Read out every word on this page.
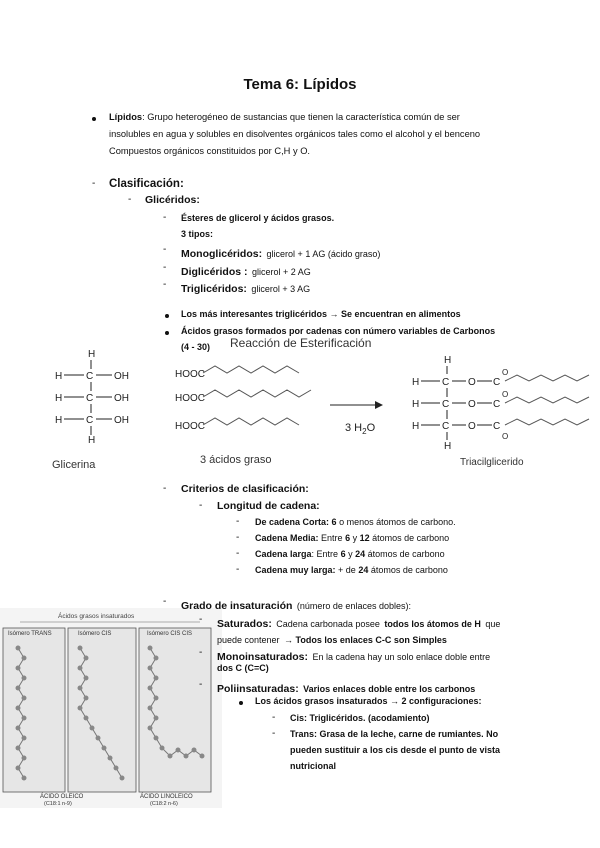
Tema 6: Lípidos
Lípidos: Grupo heterogéneo de sustancias que tienen la característica común de ser
insolubles en agua y solubles en disolventes orgánicos tales como el alcohol y el benceno
Compuestos orgánicos constituidos por C,H y O.
- Clasificación:
- Glicéridos:
- Ésteres de glicerol y ácidos grasos.
3 tipos:
- Monoglicéridos: glicerol + 1 AG (ácido graso)
- Diglicéridos : glicerol + 2 AG
- Triglicéridos: glicerol + 3 AG
Los más interesantes triglicéridos → Se encuentran en alimentos
Ácidos grasos formados por cadenas con número variables de Carbonos
(4 - 30) Reacción de Esterificación
H
H C OH
H C OH
H C OH
H
Glicerina
HOOC
HOOC
HOOC
3 ácidos graso
3 $H_2O$
H
H C O C
O
H C O C
O
H C O C
O
H
Triacilglicerido
- Criterios de clasificación:
- Longitud de cadena:
- De cadena Corta: 6 o menos átomos de carbono.
- Cadena Media: Entre 6 y 12 átomos de carbono
- Cadena larga: Entre 6 y 24 átomos de carbono
- Cadena muy larga: + de 24 átomos de carbono
Ácidos grasos insaturados
Isómero TRANS	Isómero CIS	Isómero CIS CIS
ÁCIDO OLEICO
(C18:1 n-9)
ÁCIDO LINOLEICO
(C18:2 n-6)
- Grado de insaturación (número de enlaces dobles):
- Saturados: Cadena carbonada posee todos los átomos de H que
puede contener → Todos los enlaces C-C son Simples
- Monoinsaturados: En la cadena hay un solo enlace doble entre
dos C (C=C)
- Poliinsaturadas: Varios enlaces doble entre los carbonos
Los ácidos grasos insaturados → 2 configuraciones:
- Cis: Triglicéridos. (acodamiento)
- Trans: Grasa de la leche, carne de rumiantes. No
pueden sustituir a los cis desde el punto de vista
nutricional
